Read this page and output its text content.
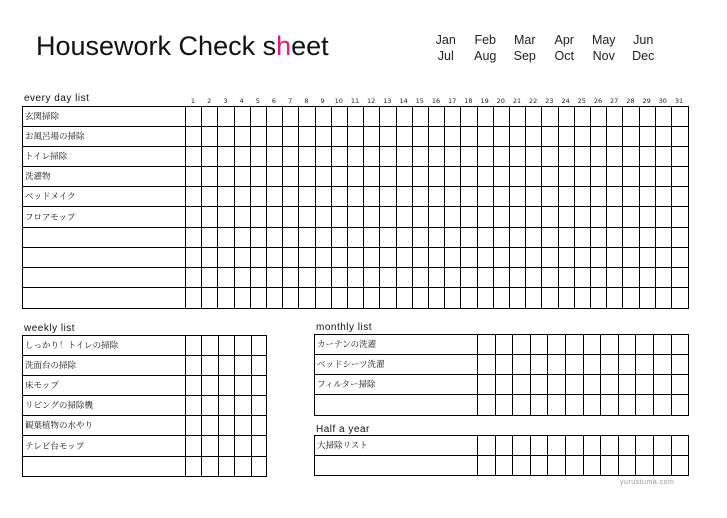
Housework Check sheet	Jan	Feb	Mar	Apr	May	Jun
Jul	Aug	Sep	Oct	Nov	Dec
every day list	1	2	3	4	5	6	7	8	9	10	11	12	13	14	15	16	17	18	19	20	21	22	23	24	25	26	27	28	29	30	31
玄関掃除
お風呂場の掃除
トイレ掃除
洗濯物
ベッドメイク
フロアモップ
weekly list
しっかり！トイレの掃除
洗面台の掃除
床モップ
リビングの掃除機
観葉植物の水やり
テレビ台モップ
monthly list
カーテンの洗濯
ベッドシーツ洗濯
フィルター掃除
Half a year
大掃除リスト
yurustuma.com
